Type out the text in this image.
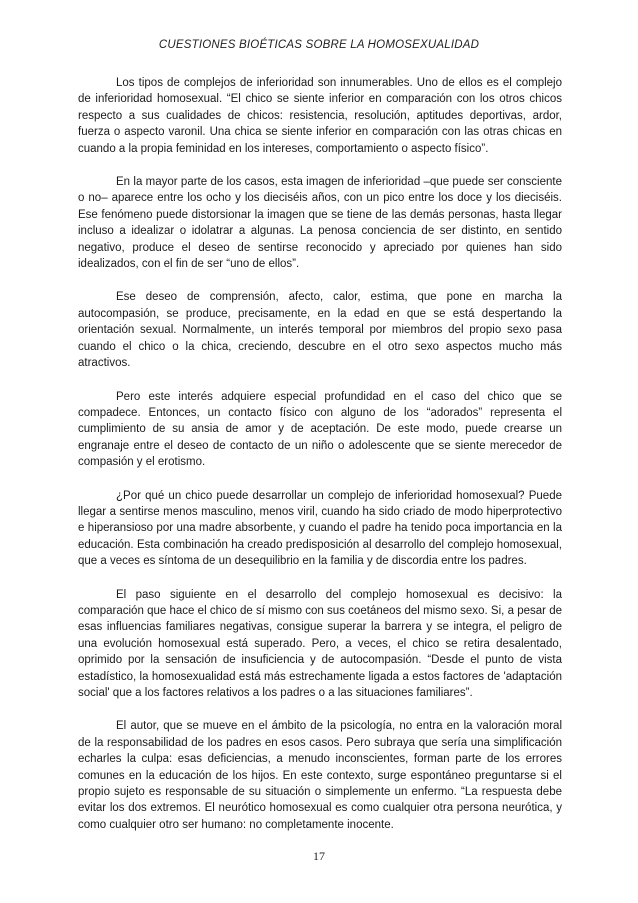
CUESTIONES BIOÉTICAS SOBRE LA HOMOSEXUALIDAD

Los tipos de complejos de inferioridad son innumerables. Uno de ellos es el complejo de inferioridad homosexual. “El chico se siente inferior en comparación con los otros chicos respecto a sus cualidades de chicos: resistencia, resolución, aptitudes deportivas, ardor, fuerza o aspecto varonil. Una chica se siente inferior en comparación con las otras chicas en cuando a la propia feminidad en los intereses, comportamiento o aspecto físico”.

En la mayor parte de los casos, esta imagen de inferioridad –que puede ser consciente o no– aparece entre los ocho y los dieciséis años, con un pico entre los doce y los dieciséis. Ese fenómeno puede distorsionar la imagen que se tiene de las demás personas, hasta llegar incluso a idealizar o idolatrar a algunas. La penosa conciencia de ser distinto, en sentido negativo, produce el deseo de sentirse reconocido y apreciado por quienes han sido idealizados, con el fin de ser “uno de ellos”.

Ese deseo de comprensión, afecto, calor, estima, que pone en marcha la autocompasión, se produce, precisamente, en la edad en que se está despertando la orientación sexual. Normalmente, un interés temporal por miembros del propio sexo pasa cuando el chico o la chica, creciendo, descubre en el otro sexo aspectos mucho más atractivos.

Pero este interés adquiere especial profundidad en el caso del chico que se compadece. Entonces, un contacto físico con alguno de los “adorados” representa el cumplimiento de su ansia de amor y de aceptación. De este modo, puede crearse un engranaje entre el deseo de contacto de un niño o adolescente que se siente merecedor de compasión y el erotismo.

¿Por qué un chico puede desarrollar un complejo de inferioridad homosexual? Puede llegar a sentirse menos masculino, menos viril, cuando ha sido criado de modo hiperprotectivo e hiperansioso por una madre absorbente, y cuando el padre ha tenido poca importancia en la educación. Esta combinación ha creado predisposición al desarrollo del complejo homosexual, que a veces es síntoma de un desequilibrio en la familia y de discordia entre los padres.

El paso siguiente en el desarrollo del complejo homosexual es decisivo: la comparación que hace el chico de sí mismo con sus coetáneos del mismo sexo. Si, a pesar de esas influencias familiares negativas, consigue superar la barrera y se integra, el peligro de una evolución homosexual está superado. Pero, a veces, el chico se retira desalentado, oprimido por la sensación de insuficiencia y de autocompasión. “Desde el punto de vista estadístico, la homosexualidad está más estrechamente ligada a estos factores de 'adaptación social' que a los factores relativos a los padres o a las situaciones familiares”.

El autor, que se mueve en el ámbito de la psicología, no entra en la valoración moral de la responsabilidad de los padres en esos casos. Pero subraya que sería una simplificación echarles la culpa: esas deficiencias, a menudo inconscientes, forman parte de los errores comunes en la educación de los hijos. En este contexto, surge espontáneo preguntarse si el propio sujeto es responsable de su situación o simplemente un enfermo. “La respuesta debe evitar los dos extremos. El neurótico homosexual es como cualquier otra persona neurótica, y como cualquier otro ser humano: no completamente inocente.

17
